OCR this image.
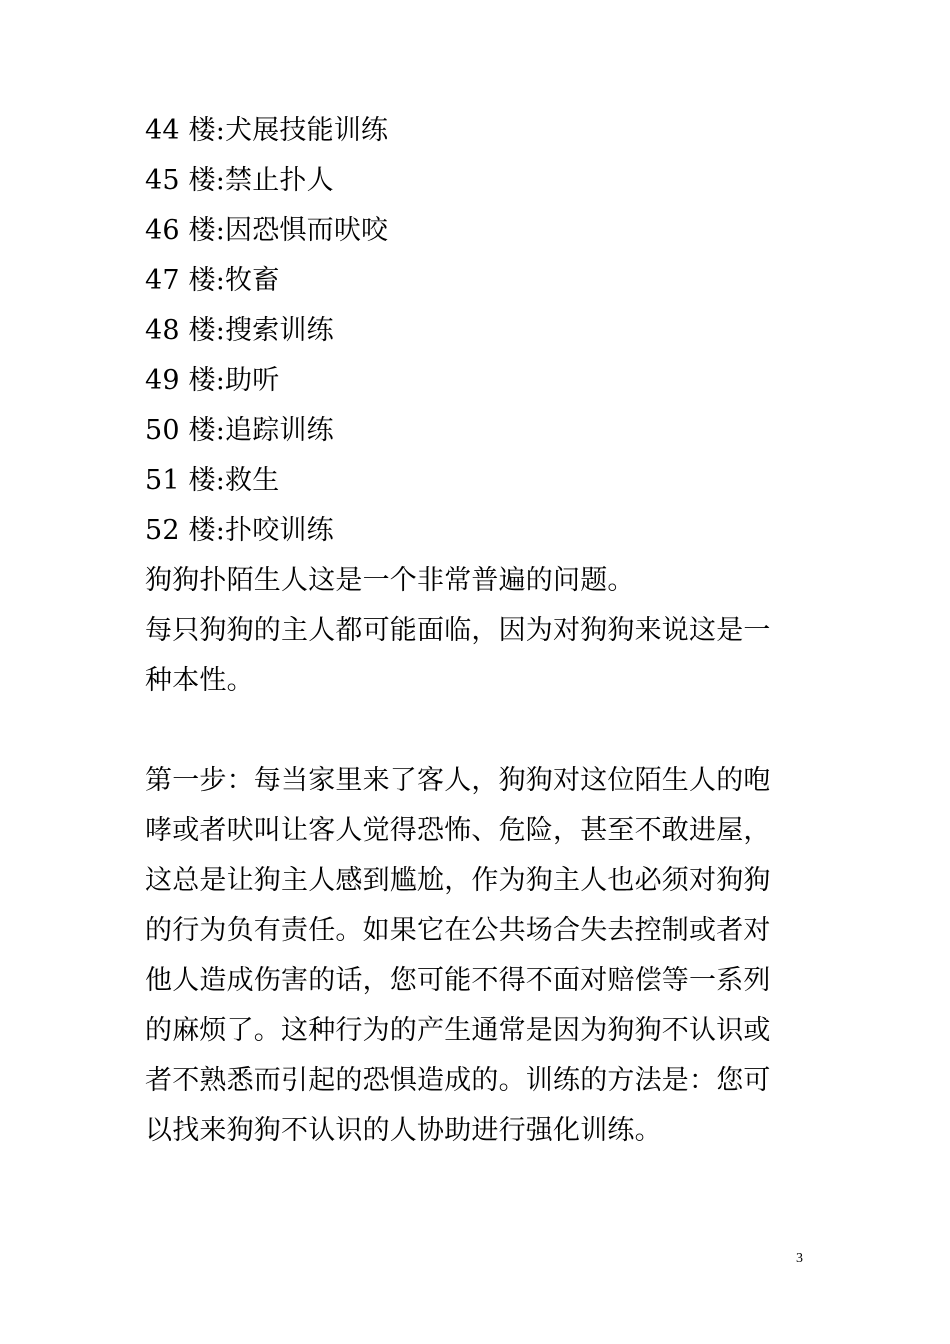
44 楼:犬展技能训练
45 楼:禁止扑人
46 楼:因恐惧而吠咬
47 楼:牧畜
48 楼:搜索训练
49 楼:助听
50 楼:追踪训练
51 楼:救生
52 楼:扑咬训练
狗狗扑陌生人这是一个非常普遍的问题。
每只狗狗的主人都可能面临，因为对狗狗来说这是一
种本性。
第一步：每当家里来了客人，狗狗对这位陌生人的咆
哮或者吠叫让客人觉得恐怖、危险，甚至不敢进屋，
这总是让狗主人感到尴尬，作为狗主人也必须对狗狗
的行为负有责任。如果它在公共场合失去控制或者对
他人造成伤害的话，您可能不得不面对赔偿等一系列
的麻烦了。这种行为的产生通常是因为狗狗不认识或
者不熟悉而引起的恐惧造成的。训练的方法是：您可
以找来狗狗不认识的人协助进行强化训练。
3
